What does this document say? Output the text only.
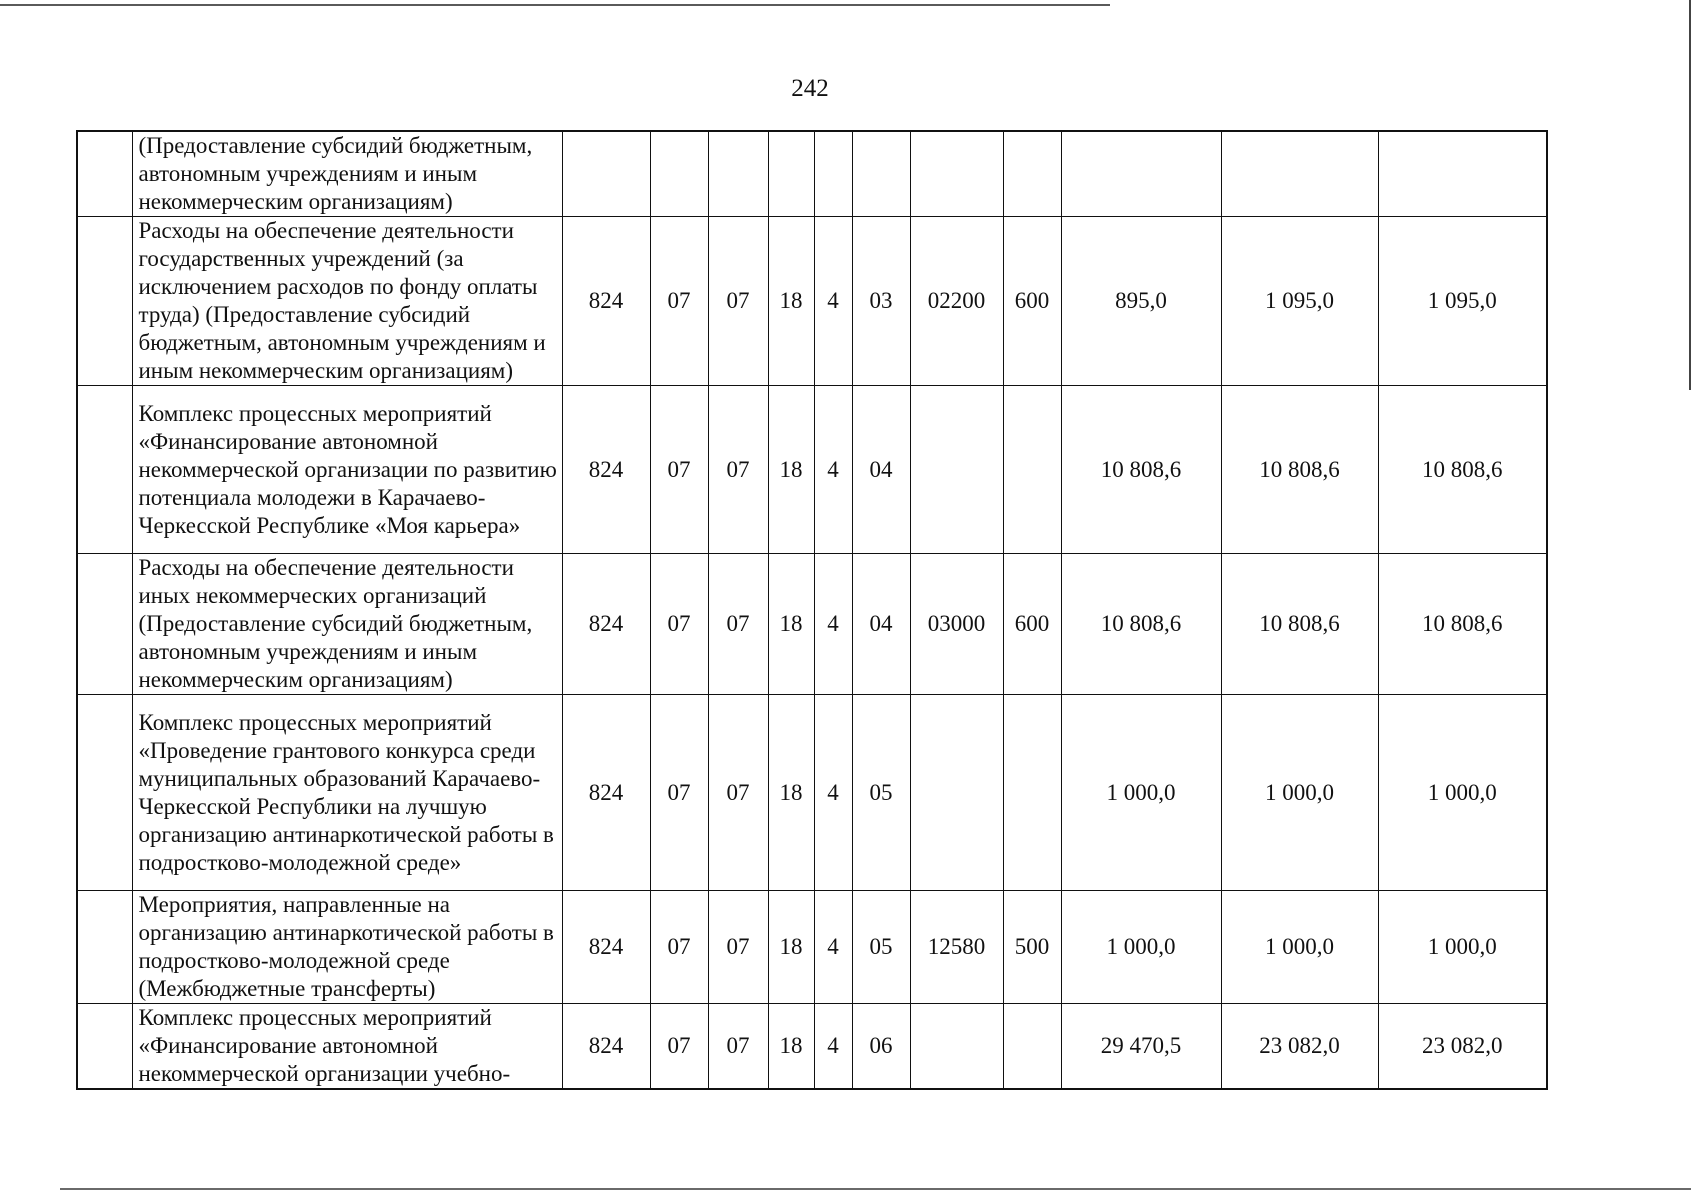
242
	(Предоставление субсидий бюджетным, автономным учреждениям и иным некоммерческим организациям)											
	Расходы на обеспечение деятельности государственных учреждений (за исключением расходов по фонду оплаты труда) (Предоставление субсидий бюджетным, автономным учреждениям и иным некоммерческим организациям)	824	07	07	18	4	03	02200	600	895,0	1 095,0	1 095,0
	Комплекс процессных мероприятий «Финансирование автономной некоммерческой организации по развитию потенциала молодежи в Карачаево-Черкесской Республике «Моя карьера»	824	07	07	18	4	04			10 808,6	10 808,6	10 808,6
	Расходы на обеспечение деятельности иных некоммерческих организаций (Предоставление субсидий бюджетным, автономным учреждениям и иным некоммерческим организациям)	824	07	07	18	4	04	03000	600	10 808,6	10 808,6	10 808,6
	Комплекс процессных мероприятий «Проведение грантового конкурса среди муниципальных образований Карачаево-Черкесской Республики на лучшую организацию антинаркотической работы в подростково-молодежной среде»	824	07	07	18	4	05			1 000,0	1 000,0	1 000,0
	Мероприятия, направленные на организацию антинаркотической работы в подростково-молодежной среде (Межбюджетные трансферты)	824	07	07	18	4	05	12580	500	1 000,0	1 000,0	1 000,0
	Комплекс процессных мероприятий «Финансирование автономной некоммерческой организации учебно-	824	07	07	18	4	06			29 470,5	23 082,0	23 082,0
